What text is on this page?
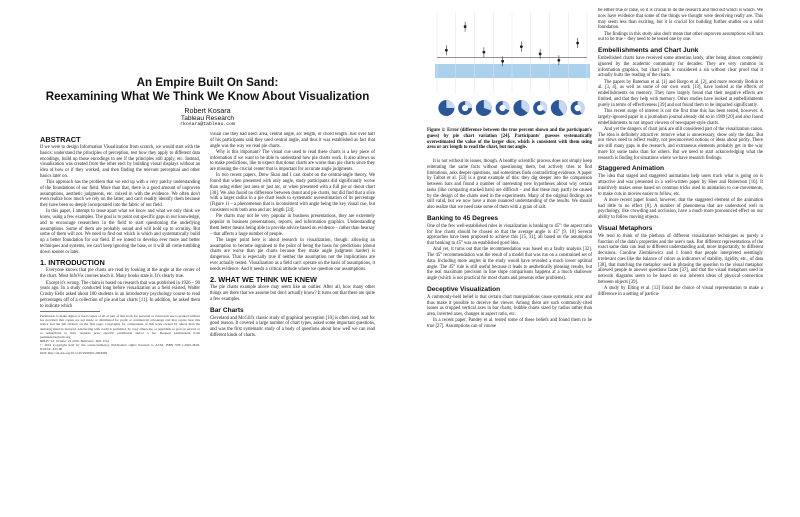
An Empire Built On Sand:
Reexamining What We Think We Know About Visualization
Robert Kosara
Tableau Research
rkosara@tableau.com
ABSTRACT

If we were to design Information Visualization from scratch, we would start with the basics: understand the principles of perception, test how they apply to different data encodings, build up those encodings to see if the principles still apply, etc. Instead, visualization was created from the other end: by building visual displays without an idea of how or if they worked, and then finding the relevant perceptual and other basics later on.

This approach has the problem that we end up with a very patchy understanding of the foundations of our field. More than that, there is a good amount of unproven assumptions, aesthetic judgments, etc. mixed in with the evidence. We often don't even realize how much we rely on the latter, and can't readily identify them because they have been so deeply incorporated into the fabric of our field.

In this paper, I attempt to tease apart what we know and what we only think we know, using a few examples. The goal is to point out specific gaps in our knowledge, and to encourage researchers in the field to start questioning the underlying assumptions. Some of them are probably sound and will hold up to scrutiny. But some of them will not. We need to find out which is which and systematically build up a better foundation for our field. If we intend to develop ever more and better techniques and systems, we can't keep ignoring the base, or it will all come tumbling down sooner or later.

1. INTRODUCTION

Everyone knows that pie charts are read by looking at the angle at the center of the chart. Most InfoVis courses teach it. Many books state it. It's clearly true.

Except it's wrong. The claim is based on research that was published in 1926 – 90 years ago. In a study conducted long before visualization as a field existed, Walter Crosby Eells asked about 100 students in an introductory psychology course to read percentages off of a collection of pie and bar charts [11]. In addition, he asked them to indicate which

Permission to make digital or hard copies of all or part of this work for personal or classroom use is granted without fee provided that copies are not made or distributed for profit or commercial advantage and that copies bear this notice and the full citation on the first page. Copyrights for components of this work owned by others than the author(s) must be honored. Abstracting with credit is permitted. To copy otherwise, or republish, to post on servers or to redistribute to lists, requires prior specific permission and/or a fee. Request permissions from permissions@acm.org.

BELIV '16, October 24 2016, Baltimore, MD, USA

© 2016 Copyright held by the owner/author(s). Publication rights licensed to ACM. ISBN 978-1-4503-4818-8/16/10...$15.00

DOI: http://dx.doi.org/10.1145/2993901.2993909

visual cue they had used: area, central angle, arc length, or chord length. Just over half of his participants said they used central angle, and thus it was established as fact that angle was the way we read pie charts.

Why is this important? The visual cue used to read these charts is a key piece of information if we want to be able to understand how pie charts work. It also allows us to make predictions, like to expect that donut charts are worse than pie charts since they are missing the crucial center that is important for accurate angle judgments.

In two recent papers, Drew Skau and I cast doubt on the central-angle theory. We found that when presented with only angle, study participants did significantly worse than using either just area or just arc, or when presented with a full pie or donut chart [30]. We also found no difference between donut and pie charts, but did find that a slice with a larger radius in a pie chart leads to systematic overestimation of its percentage (Figure 1) – a phenomenon that is inconsistent with angle being the key visual cue, but consistent with both area and arc length [24].

Pie charts may not be very popular in business presentations, they are extremely popular in business presentations, reports, and information graphics. Understanding them better means being able to provide advice based on evidence – rather than hearsay – that affects a huge number of people.

The larger point here is about research in visualization, though: allowing an assumption to become ingrained to the point of being the basis for predictions (donut charts are worse than pie charts because they make angle judgment harder) is dangerous. That is especially true if neither the assumption nor the implications are ever actually tested. Visualization as a field can't operate on the basis of assumptions, it needs evidence. And it needs a critical attitude where we question our assumptions.

2. WHAT WE THINK WE KNEW

The pie charts example above may seem like an outlier. After all, how many other things are there that we assume but don't actually know? It turns out that there are quite a few examples.

Bar Charts

Cleveland and McGill's classic study of graphical perception [10] is often cited, and for good reason. It covered a large number of chart types, asked some important questions, and was the first systematic study of a body of questions about how well we can read different kinds of charts.

Figure 1: Error (difference between the true percent shown and the participant's guess) by pie chart variation [24]. Participants' guesses systematically overestimated the value of the larger slice, which is consistent with them using area or arc length to read the chart, but not angle.

It is not without its issues, though. A healthy scientific process does not simply keep reiterating the same facts without questioning them, but actively tries to find limitations, asks deeper questions, and sometimes finds contradicting evidence. A paper by Talbot et al. [33] is a great example of this: they dig deeper into the comparison between bars and found a number of interesting new hypotheses about why certain tasks (like comparing stacked bars) are difficult – and that these may partly be caused by the design of the charts used in the experiments. Many of the original findings are still valid, but we now have a more nuanced understanding of the results. We should also realize that we need take some of them with a grain of salt.

Banking to 45 Degrees

One of the few well-established rules in visualization is banking to 45°: the aspect ratio for line charts should be chosen so that the average angle is 45° [9, 10] Several approaches have been proposed to achieve this [15, 31], all based on the assumption that banking to 45° was an established good idea.

And yet, it turns out that the recommendation was based on a faulty analysis [32]. The 45° recommendation was the result of a model that was run on a constrained set of data. Including more angles in the study would have revealed a much lower optimal angle. The 45° rule is still useful because it leads to aesthetically pleasing results, but the real maximum precision in line slope comparisons happens at a much shallower angle (which is not practical for most charts and presents other problems).

Deceptive Visualization

A commonly-held belief is that certain chart manipulations cause systematic error and thus make it possible to deceive the viewer. Among them are such commonly-cited issues as cropped vertical axes in bar charts, bubble charts sized by radius rather than area, inverted axes, changes in aspect ratio, etc.

In a recent paper, Pandey et al. tested some of these beliefs and found them to be true [27]. Assumptions can of course

be either true or false, so it is crucial to do the research and find out which is which. We now have evidence that some of the things we thought were deceiving really are. This may seem less than exciting, but it is crucial for building further studies on a solid foundation.

The findings in this study also don't mean that other unproven assumptions will turn out to be true – they need to be tested one by one.

Embellishments and Chart Junk

Embellished charts have received some attention lately, after being almost completely ignored by the academic community for decades. They are very common in information graphics, but chart junk is considered a sin without clear proof that it actually hurts the reading of the charts.

The papers by Bateman et al. [1] and Borgo et al. [2], and more recently Borkin et al. [3, 4], as well as some of our own work [13], have looked at the effects of embellishments on memory. They have largely found that their negative effects are limited, and that they help with memory. Other studies have looked at embellishments purely in terms of effectiveness [39] and not found them to be impacted significantly.

This recent surge of interest is not the first time this has been tested, however. A largely-ignored paper in a journalism journal already did so in 1989 [20] and also found embellishments to not impact viewers of newspaper-style charts.

And yet the dangers of chart junk are still considered part of the visualization canon. The idea is definitely attractive: remove what is unnecessary, show only the data. But our views need to reflect reality, not preconceived notions or ideas about purity. There are still many gaps in the research, and extraneous elements probably get in the way more for some tasks than for others. But we need to start acknowledging what the research is finding for situations where we have research findings.

Staggered Animation

The idea that staged and staggered animations help users track what is going on is attractive and was presented in a well-written paper by Heer and Robertson [16]. It intuitively makes sense based on common tricks used in animation to cue movements, to make cuts in movies easier to follow, etc.

A more recent paper found, however, that the staggered element of the animation had little to no effect [8]. A number of phenomena that are understood well in psychology, like crowding and occlusion, have a much more pronounced effect on our ability to follow moving objects.

Visual Metaphors

We tend to think of the plethora of different visualization techniques as purely a function of the data's properties and the user's task. But different representations of the exact same data can lead to different understanding and, more importantly, to different decisions. Caroline Ziemkiewicz and I found that people interpreted seemingly irrelevant cues like the balance of colors as indicators of stability, rigidity, etc., of data [38], that matching the metaphor used in phrasing the question to the visual metaphor allowed people to answer questions faster [37], and that the visual metaphors used in network diagrams seem to be based on our inherent ideas of physical connection between objects [39].

A study by Elting et al. [12] found the choice of visual representation to make a difference in a setting of particu-
